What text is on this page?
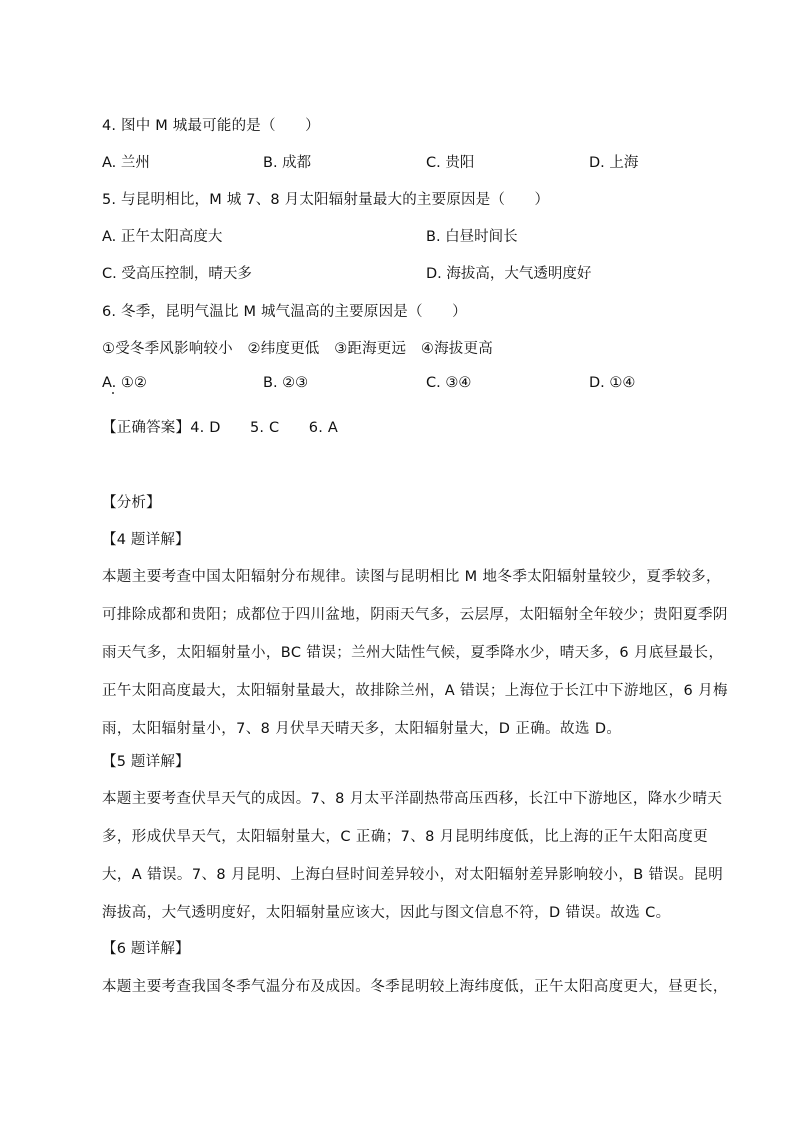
4. 图中 M 城最可能的是（　　）
A. 兰州	B. 成都	C. 贵阳	D. 上海
5. 与昆明相比，M 城 7、8 月太阳辐射量最大的主要原因是（　　）
A. 正午太阳高度大	B. 白昼时间长
C. 受高压控制，晴天多	D. 海拔高，大气透明度好
6. 冬季，昆明气温比 M 城气温高的主要原因是（　　）
①受冬季风影响较小　②纬度更低　③距海更远　④海拔更高
A. ①②	B. ②③	C. ③④	D. ①④
【正确答案】4. D　　5. C　　6. A
【分析】
【4 题详解】
本题主要考查中国太阳辐射分布规律。读图与昆明相比 M 地冬季太阳辐射量较少，夏季较多，
可排除成都和贵阳；成都位于四川盆地，阴雨天气多，云层厚，太阳辐射全年较少；贵阳夏季阴
雨天气多，太阳辐射量小，BC 错误；兰州大陆性气候，夏季降水少，晴天多，6 月底昼最长，
正午太阳高度最大，太阳辐射量最大，故排除兰州，A 错误；上海位于长江中下游地区，6 月梅
雨，太阳辐射量小，7、8 月伏旱天晴天多，太阳辐射量大，D 正确。故选 D。
【5 题详解】
本题主要考查伏旱天气的成因。7、8 月太平洋副热带高压西移，长江中下游地区，降水少晴天
多，形成伏旱天气，太阳辐射量大，C 正确；7、8 月昆明纬度低，比上海的正午太阳高度更
大，A 错误。7、8 月昆明、上海白昼时间差异较小，对太阳辐射差异影响较小，B 错误。昆明
海拔高，大气透明度好，太阳辐射量应该大，因此与图文信息不符，D 错误。故选 C。
【6 题详解】
本题主要考查我国冬季气温分布及成因。冬季昆明较上海纬度低，正午太阳高度更大，昼更长，
